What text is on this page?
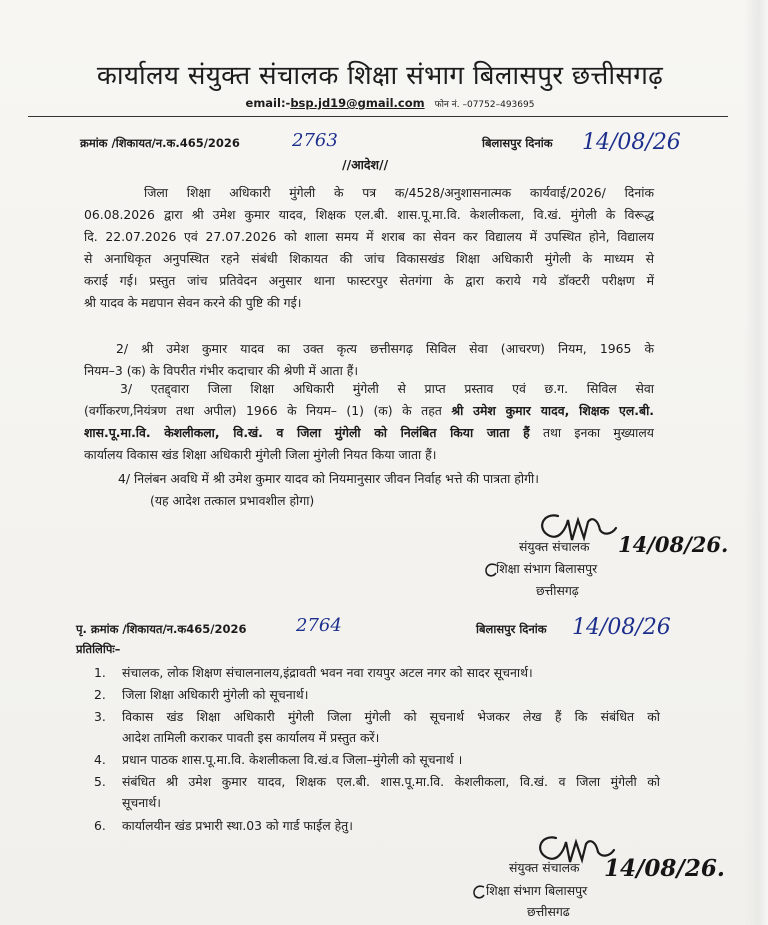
कार्यालय संयुक्त संचालक शिक्षा संभाग बिलासपुर छत्तीसगढ़
email:-bsp.jd19@gmail.com फोन नं. –07752–493695
क्रमांक /शिकायत/न.क.465/2026	2763	बिलासपुर दिनांक 14/08/26
//आदेश//
जिला शिक्षा अधिकारी मुंगेली के पत्र क/4528/अनुशासनात्मक कार्यवाई/2026/ दिनांक
06.08.2026 द्वारा श्री उमेश कुमार यादव, शिक्षक एल.बी. शास.पू.मा.वि. केशलीकला, वि.खं. मुंगेली के विरूद्ध
दि. 22.07.2026 एवं 27.07.2026 को शाला समय में शराब का सेवन कर विद्यालय में उपस्थित होने, विद्यालय
से अनाधिकृत अनुपस्थित रहने संबंधी शिकायत की जांच विकासखंड शिक्षा अधिकारी मुंगेली के माध्यम से
कराई गई। प्रस्तुत जांच प्रतिवेदन अनुसार थाना फास्टरपुर सेतगंगा के द्वारा कराये गये डॉक्टरी परीक्षण में
श्री यादव के मद्यपान सेवन करने की पुष्टि की गई।
2/ श्री उमेश कुमार यादव का उक्त कृत्य छत्तीसगढ़ सिविल सेवा (आचरण) नियम, 1965 के
नियम–3 (क) के विपरीत गंभीर कदाचार की श्रेणी में आता हैं।
3/ एतद्द्वारा जिला शिक्षा अधिकारी मुंगेली से प्राप्त प्रस्ताव एवं छ.ग. सिविल सेवा
(वर्गीकरण,नियंत्रण तथा अपील) 1966 के नियम– (1) (क) के तहत श्री उमेश कुमार यादव, शिक्षक एल.बी.
शास.पू.मा.वि. केशलीकला, वि.खं. व जिला मुंगेली को निलंबित किया जाता हैं तथा इनका मुख्यालय
कार्यालय विकास खंड शिक्षा अधिकारी मुंगेली जिला मुंगेली नियत किया जाता हैं।
4/ निलंबन अवधि में श्री उमेश कुमार यादव को नियमानुसार जीवन निर्वाह भत्ते की पात्रता होगी।
(यह आदेश तत्काल प्रभावशील होगा)
संयुक्त संचालक 14/08/26.
शिक्षा संभाग बिलासपुर
छत्तीसगढ़
पृ. क्रमांक /शिकायत/न.क465/2026	2764	बिलासपुर दिनांक 14/08/26
प्रतिलिपिः–
1. संचालक, लोक शिक्षण संचालनालय,इंद्रावती भवन नवा रायपुर अटल नगर को सादर सूचनार्थ।
2. जिला शिक्षा अधिकारी मुंगेली को सूचनार्थ।
3. विकास खंड शिक्षा अधिकारी मुंगेली जिला मुंगेली को सूचनार्थ भेजकर लेख हैं कि संबंधित को
आदेश तामिली कराकर पावती इस कार्यालय में प्रस्तुत करें।
4. प्रधान पाठक शास.पू.मा.वि. केशलीकला वि.खं.व जिला–मुंगेली को सूचनार्थ ।
5. संबंधित श्री उमेश कुमार यादव, शिक्षक एल.बी. शास.पू.मा.वि. केशलीकला, वि.खं. व जिला मुंगेली को
सूचनार्थ।
6. कार्यालयीन खंड प्रभारी स्था.03 को गार्ड फाईल हेतु।
संयुक्त संचालक 14/08/26.
शिक्षा संभाग बिलासपुर
छत्तीसगढ
